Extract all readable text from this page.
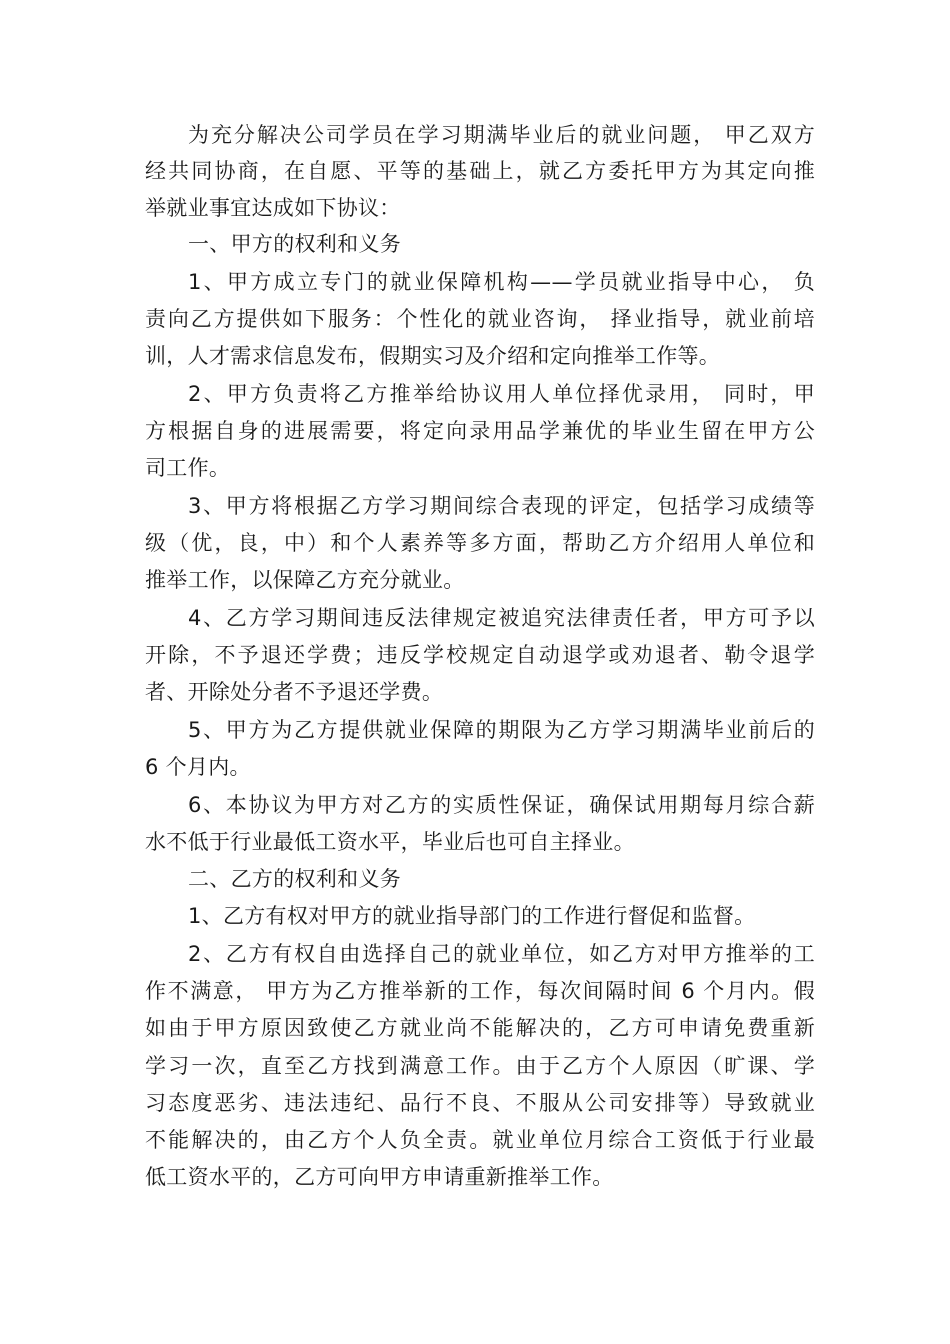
为充分解决公司学员在学习期满毕业后的就业问题， 甲乙双方
经共同协商，在自愿、平等的基础上，就乙方委托甲方为其定向推
举就业事宜达成如下协议：
一、甲方的权利和义务
1、甲方成立专门的就业保障机构——学员就业指导中心， 负
责向乙方提供如下服务：个性化的就业咨询， 择业指导，就业前培
训，人才需求信息发布，假期实习及介绍和定向推举工作等。
2、甲方负责将乙方推举给协议用人单位择优录用， 同时，甲
方根据自身的进展需要，将定向录用品学兼优的毕业生留在甲方公
司工作。
3、甲方将根据乙方学习期间综合表现的评定，包括学习成绩等
级（优，良，中）和个人素养等多方面，帮助乙方介绍用人单位和
推举工作，以保障乙方充分就业。
4、乙方学习期间违反法律规定被追究法律责任者，甲方可予以
开除，不予退还学费；违反学校规定自动退学或劝退者、勒令退学
者、开除处分者不予退还学费。
5、甲方为乙方提供就业保障的期限为乙方学习期满毕业前后的
6 个月内。
6、本协议为甲方对乙方的实质性保证，确保试用期每月综合薪
水不低于行业最低工资水平，毕业后也可自主择业。
二、乙方的权利和义务
1、乙方有权对甲方的就业指导部门的工作进行督促和监督。
2、乙方有权自由选择自己的就业单位，如乙方对甲方推举的工
作不满意， 甲方为乙方推举新的工作，每次间隔时间 6 个月内。假
如由于甲方原因致使乙方就业尚不能解决的，乙方可申请免费重新
学习一次，直至乙方找到满意工作。由于乙方个人原因（旷课、学
习态度恶劣、违法违纪、品行不良、不服从公司安排等）导致就业
不能解决的，由乙方个人负全责。就业单位月综合工资低于行业最
低工资水平的，乙方可向甲方申请重新推举工作。
